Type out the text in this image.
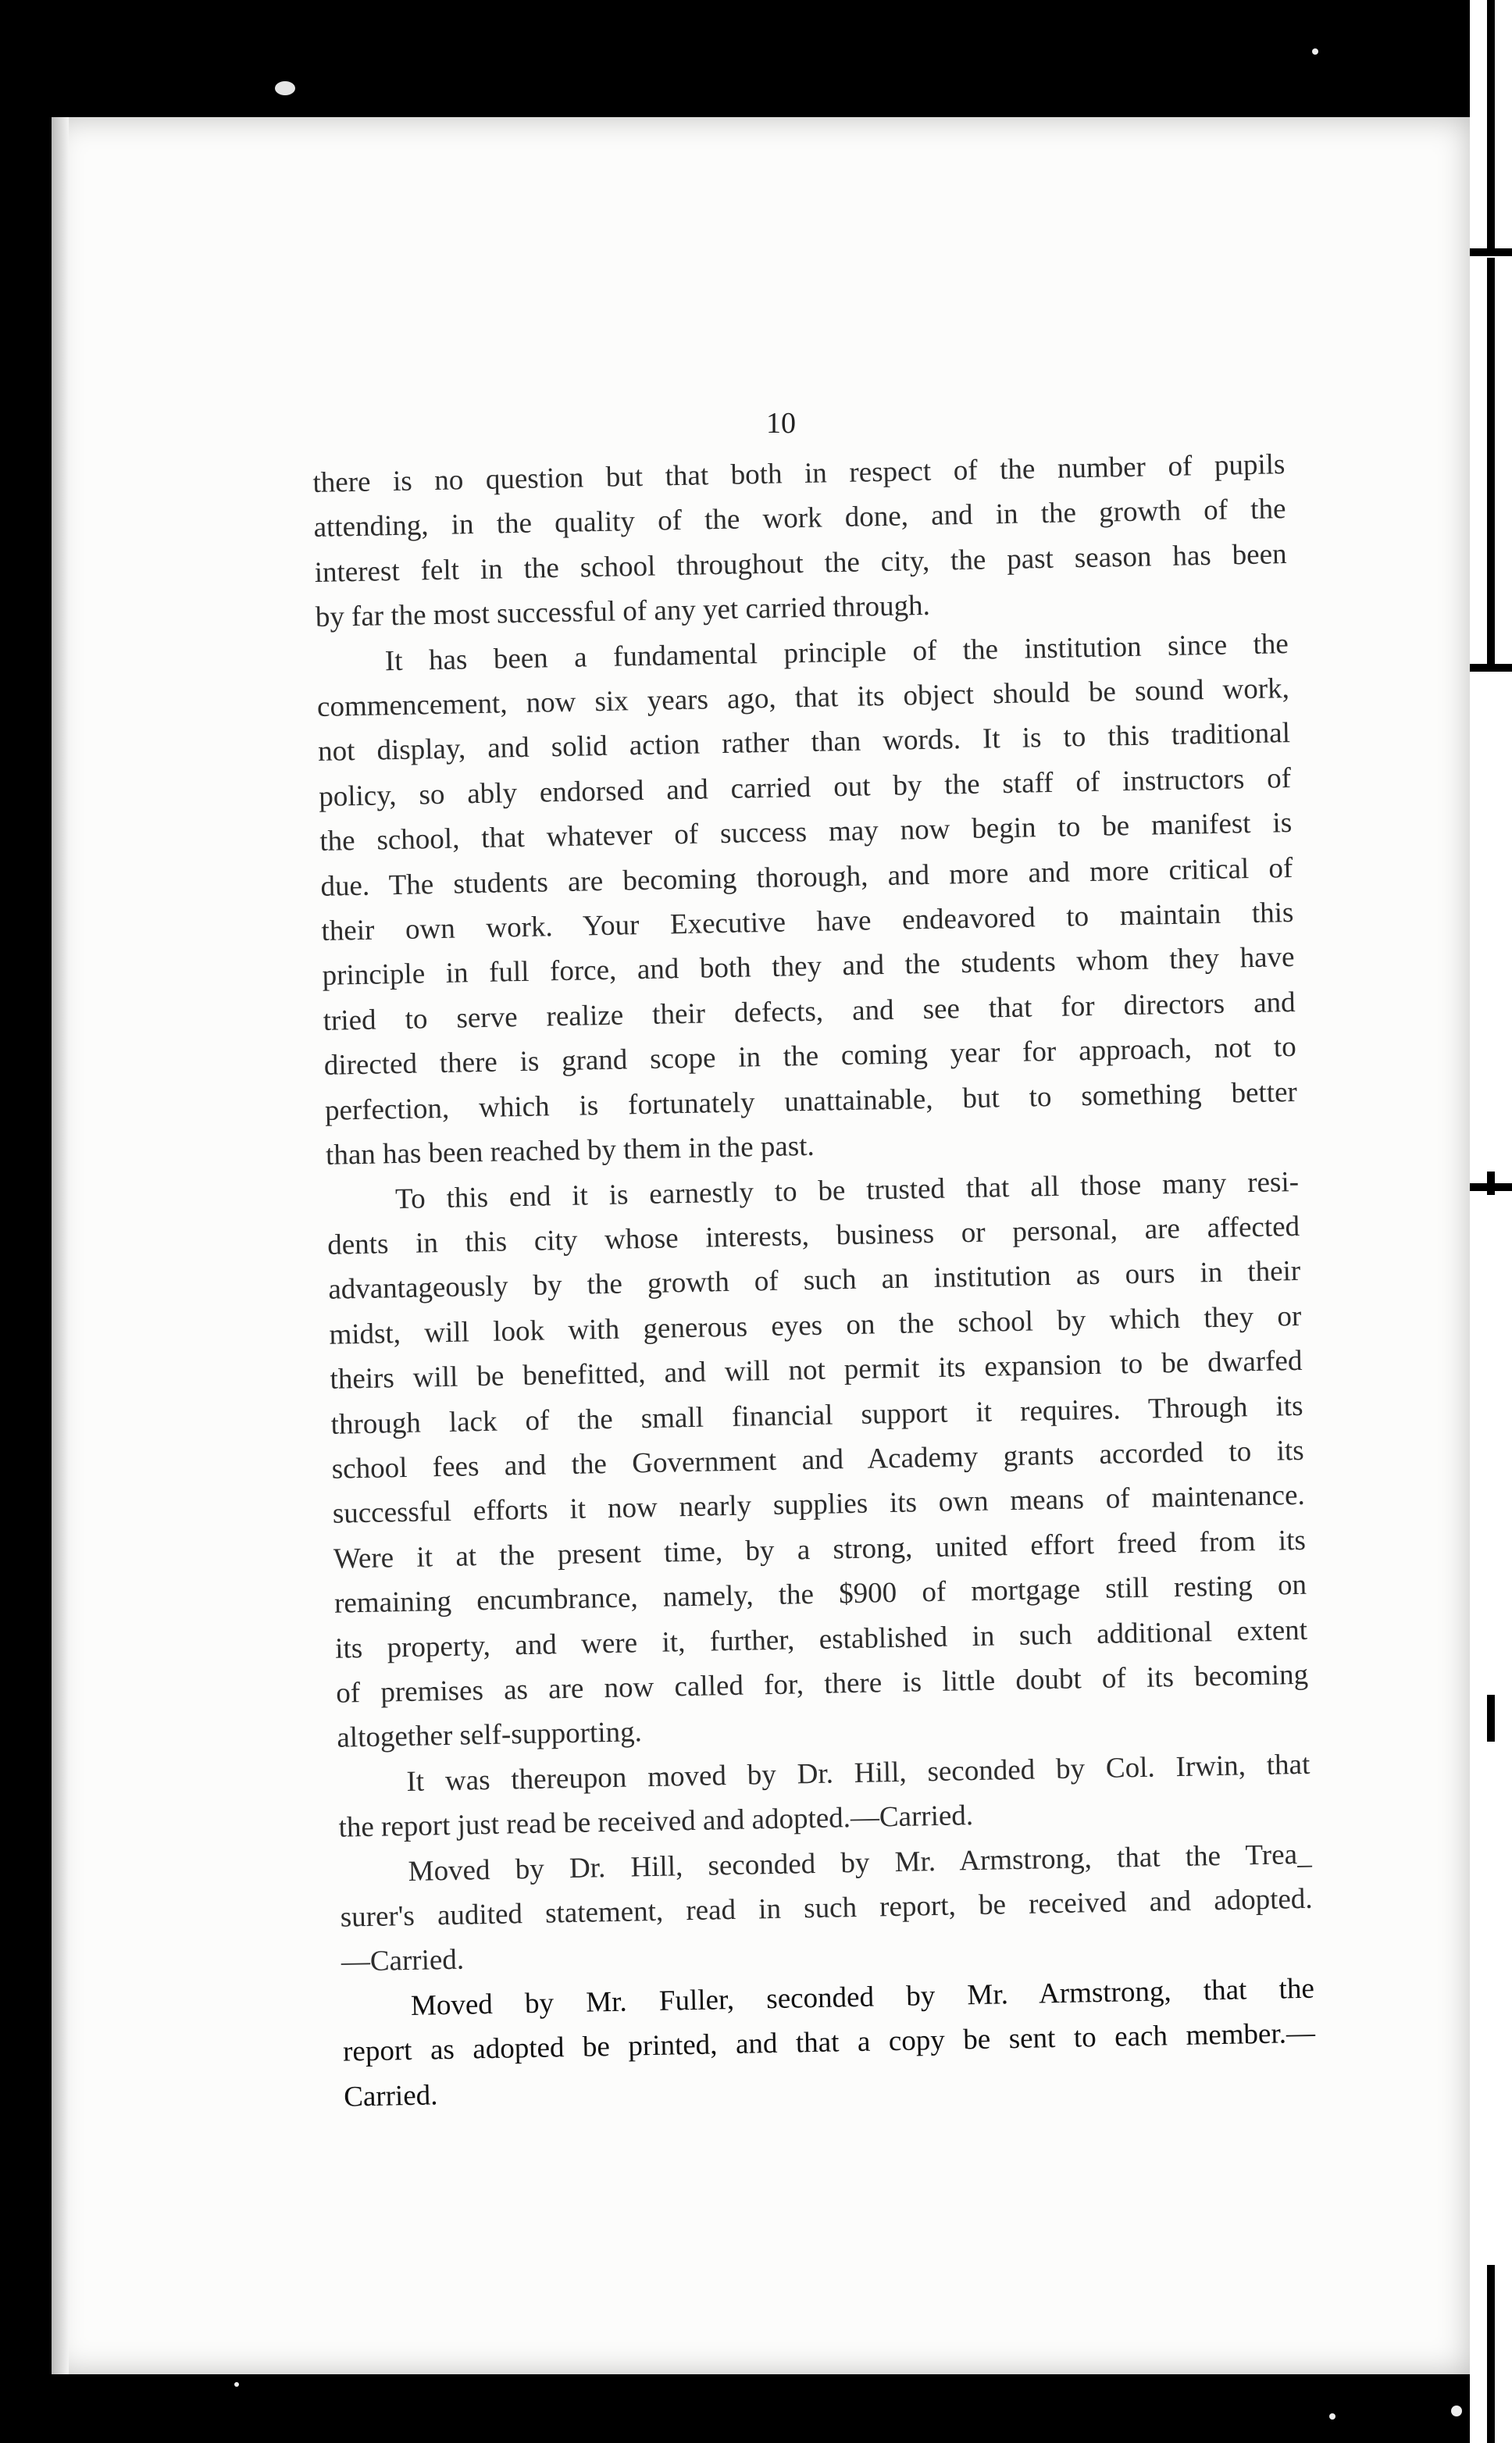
10

there is no question but that both in respect of the number of pupils
attending, in the quality of the work done, and in the growth of the
interest felt in the school throughout the city, the past season has been
by far the most successful of any yet carried through.

It has been a fundamental principle of the institution since the
commencement, now six years ago, that its object should be sound work,
not display, and solid action rather than words. It is to this traditional
policy, so ably endorsed and carried out by the staff of instructors of
the school, that whatever of success may now begin to be manifest is
due. The students are becoming thorough, and more and more critical of
their own work. Your Executive have endeavored to maintain this
principle in full force, and both they and the students whom they have
tried to serve realize their defects, and see that for directors and
directed there is grand scope in the coming year for approach, not to
perfection, which is fortunately unattainable, but to something better
than has been reached by them in the past.

To this end it is earnestly to be trusted that all those many resi-
dents in this city whose interests, business or personal, are affected
advantageously by the growth of such an institution as ours in their
midst, will look with generous eyes on the school by which they or
theirs will be benefitted, and will not permit its expansion to be dwarfed
through lack of the small financial support it requires. Through its
school fees and the Government and Academy grants accorded to its
successful efforts it now nearly supplies its own means of maintenance.
Were it at the present time, by a strong, united effort freed from its
remaining encumbrance, namely, the $900 of mortgage still resting on
its property, and were it, further, established in such additional extent
of premises as are now called for, there is little doubt of its becoming
altogether self-supporting.

It was thereupon moved by Dr. Hill, seconded by Col. Irwin, that
the report just read be received and adopted.—Carried.

Moved by Dr. Hill, seconded by Mr. Armstrong, that the Trea_
surer's audited statement, read in such report, be received and adopted.
—Carried.

Moved by Mr. Fuller, seconded by Mr. Armstrong, that the
report as adopted be printed, and that a copy be sent to each member.—
Carried.
